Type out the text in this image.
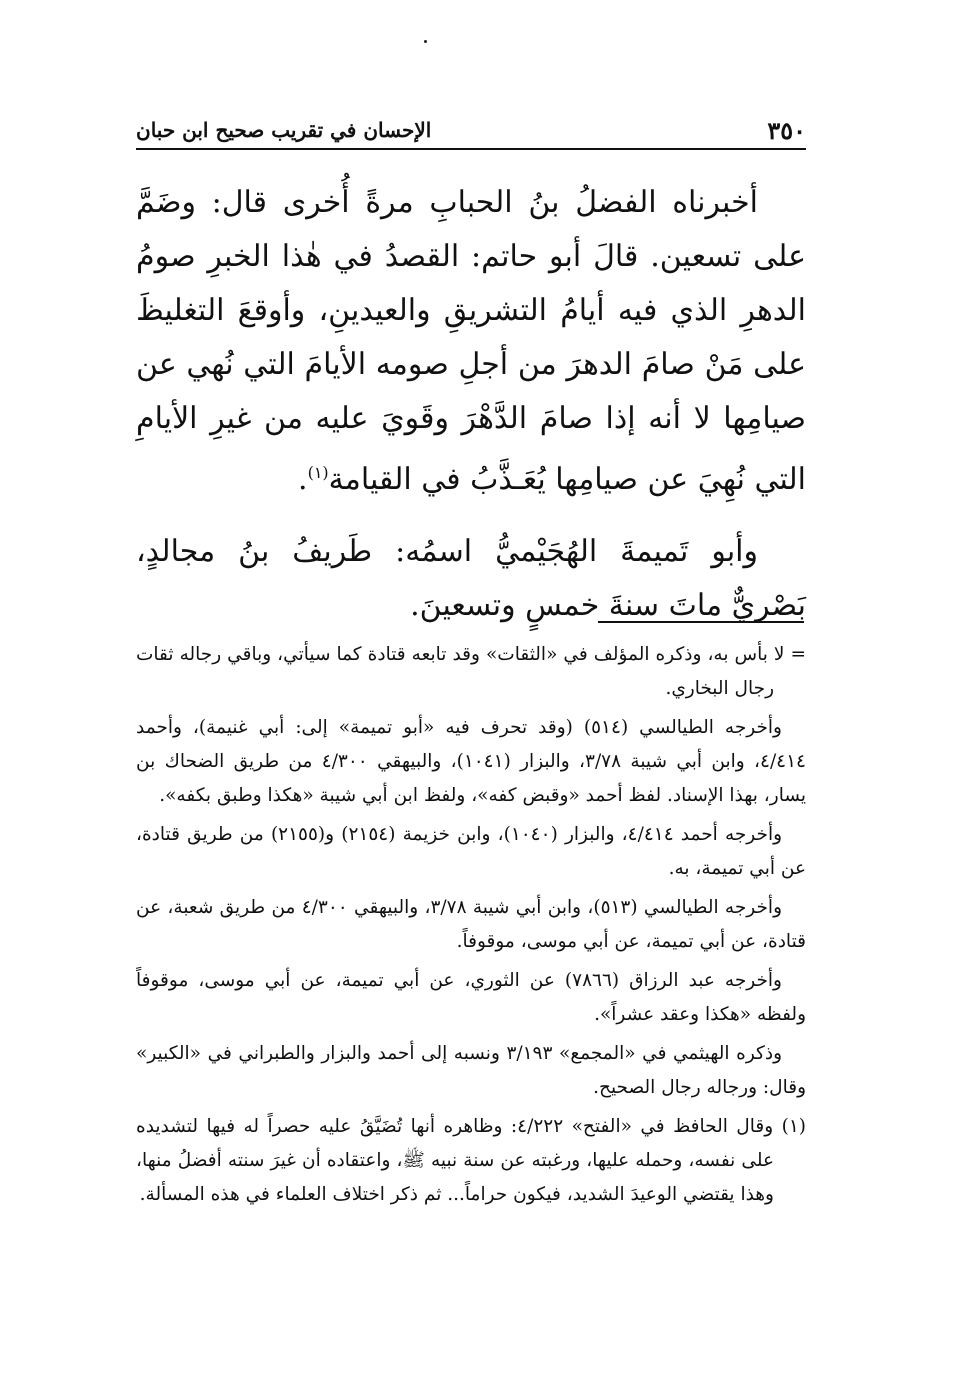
٣٥٠
الإحسان في تقريب صحيح ابن حبان

أخبرناه الفضلُ بنُ الحبابِ مرةً أُخرى قال: وضَمَّ على تسعين. قالَ أبو حاتم: القصدُ في هٰذا الخبرِ صومُ الدهرِ الذي فيه أيامُ التشريقِ والعيدينِ، وأوقعَ التغليظَ على مَنْ صامَ الدهرَ من أجلِ صومه الأيامَ التي نُهي عن صيامِها لا أنه إذا صامَ الدَّهْرَ وقَويَ عليه من غيرِ الأيامِ التي نُهِيَ عن صيامِها يُعَـذَّبُ في القيامة$^{(١)}$.

وأبو تَميمةَ الهُجَيْميُّ اسمُه: طَريفُ بنُ مجالدٍ، بَصْريٌّ ماتَ سنةَ خمسٍ وتسعينَ.

= لا بأس به، وذكره المؤلف في «الثقات» وقد تابعه قتادة كما سيأتي، وباقي رجاله ثقات رجال البخاري.

وأخرجه الطيالسي (٥١٤) (وقد تحرف فيه «أبو تميمة» إلى: أبي غنيمة)، وأحمد ٤/٤١٤، وابن أبي شيبة ٣/٧٨، والبزار (١٠٤١)، والبيهقي ٤/٣٠٠ من طريق الضحاك بن يسار، بهذا الإسناد. لفظ أحمد «وقبض كفه»، ولفظ ابن أبي شيبة «هكذا وطبق بكفه».

وأخرجه أحمد ٤/٤١٤، والبزار (١٠٤٠)، وابن خزيمة (٢١٥٤) و(٢١٥٥) من طريق قتادة، عن أبي تميمة، به.

وأخرجه الطيالسي (٥١٣)، وابن أبي شيبة ٣/٧٨، والبيهقي ٤/٣٠٠ من طريق شعبة، عن قتادة، عن أبي تميمة، عن أبي موسى، موقوفاً.

وأخرجه عبد الرزاق (٧٨٦٦) عن الثوري، عن أبي تميمة، عن أبي موسى، موقوفاً ولفظه «هكذا وعقد عشراً».

وذكره الهيثمي في «المجمع» ٣/١٩٣ ونسبه إلى أحمد والبزار والطبراني في «الكبير» وقال: ورجاله رجال الصحيح.

(١) وقال الحافظ في «الفتح» ٤/٢٢٢: وظاهره أنها تُضَيَّقُ عليه حصراً له فيها لتشديده على نفسه، وحمله عليها، ورغبته عن سنة نبيه ﷺ، واعتقاده أن غيرَ سنته أفضلُ منها، وهذا يقتضي الوعيدَ الشديد، فيكون حراماً... ثم ذكر اختلاف العلماء في هذه المسألة.
